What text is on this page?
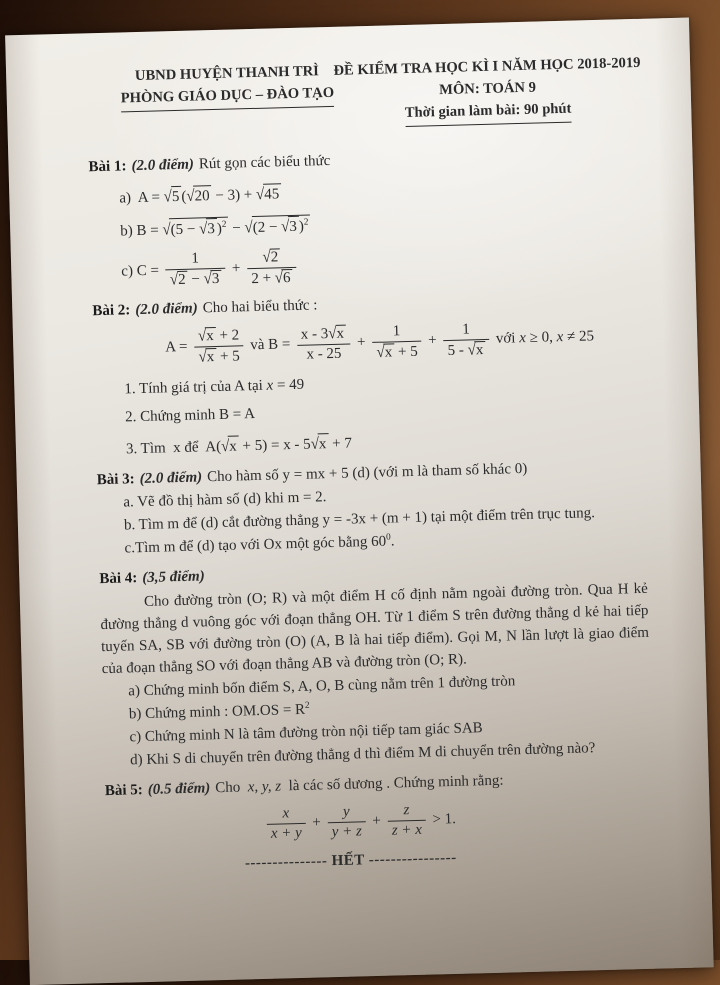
UBND HUYỆN THANH TRÌ
PHÒNG GIÁO DỤC – ĐÀO TẠO
ĐỀ KIỂM TRA HỌC KÌ I NĂM HỌC 2018-2019
MÔN: TOÁN 9
Thời gian làm bài: 90 phút
Bài 1: (2.0 điểm) Rút gọn các biểu thức
a)  A = √5 (√20 − 3) + √45
b) B = √(5 − √3 )$^2$ − √(2 − √3 )$^2$
c) $C = \frac{1}{√2 - √3} + \frac{√2}{2 + √6}$
Bài 2: (2.0 điểm) Cho hai biểu thức :
$A = \frac{√x + 2}{√x + 5}$ và $B = \frac{x - 3√x}{x - 25} + \frac{1}{√x + 5} + \frac{1}{5 - √x}$ với x ≥ 0, x ≠ 25
1. Tính giá trị của A tại x = 49
2. Chứng minh B = A
3. Tìm  x để  A(√x + 5) = x - 5√x + 7
Bài 3: (2.0 điểm) Cho hàm số y = mx + 5 (d) (với m là tham số khác 0)
a. Vẽ đồ thị hàm số (d) khi m = 2.
b. Tìm m để (d) cắt đường thẳng y = -3x + (m + 1) tại một điểm trên trục tung.
c.Tìm m để (d) tạo với Ox một góc bằng $60^0$.
Bài 4: (3,5 điểm)
Cho đường tròn (O; R) và một điểm H cố định nằm ngoài đường tròn. Qua H kẻ đường thẳng d vuông góc với đoạn thẳng OH. Từ 1 điểm S trên đường thẳng d kẻ hai tiếp tuyến SA, SB với đường tròn (O) (A, B là hai tiếp điểm). Gọi M, N lần lượt là giao điểm của đoạn thẳng SO với đoạn thẳng AB và đường tròn (O; R).
a) Chứng minh bốn điểm S, A, O, B cùng nằm trên 1 đường tròn
b) Chứng minh : $OM.OS = R^2$
c) Chứng minh N là tâm đường tròn nội tiếp tam giác SAB
d) Khi S di chuyển trên đường thẳng d thì điểm M di chuyển trên đường nào?
Bài 5: (0.5 điểm) Cho  x, y, z  là các số dương . Chứng minh rằng:
$\frac{x}{x + y} + \frac{y}{y + z} + \frac{z}{z + x} > 1$.
--------------- HẾT ----------------
